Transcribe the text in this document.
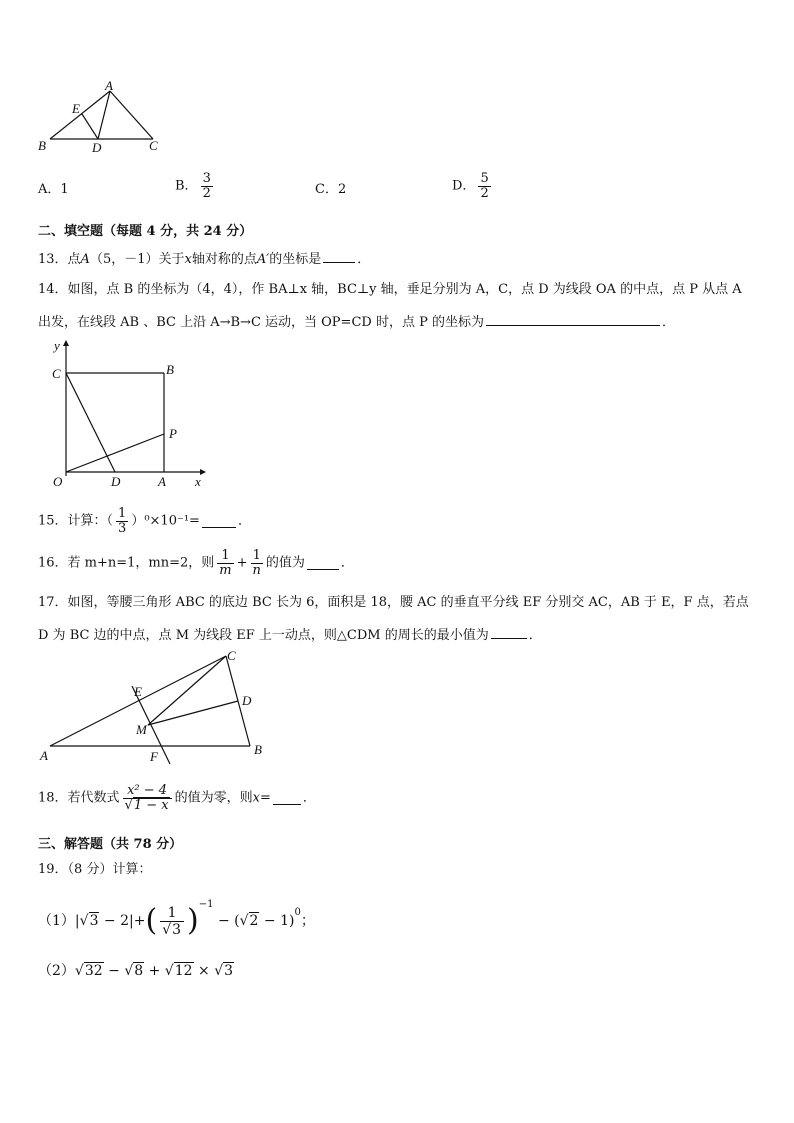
A
E
B	D	C
A．1	B． $\frac{3}{2}$	C．2	D． $\frac{5}{2}$
二、填空题（每题 4 分，共 24 分）
13．点A（5，－1）关于x轴对称的点A′的坐标是	．
14．如图，点 B 的坐标为（4，4），作 BA⊥x 轴，BC⊥y 轴，垂足分别为 A，C，点 D 为线段 OA 的中点，点 P 从点 A
出发，在线段 AB 、BC 上沿 A→B→C 运动，当 OP=CD 时，点 P 的坐标为	．
y
C	B
P
O	D	A x
15．计算：（ $\frac{1}{3} )^0\times 10^{-1}=$	．
16．若 m+n=1，mn=2，则 $\frac{1}{m} + \frac{1}{n}$ 的值为	．
17．如图，等腰三角形 ABC 的底边 BC 长为 6，面积是 18，腰 AC 的垂直平分线 EF 分别交 AC，AB 于 E，F 点，若点
D 为 BC 边的中点，点 M 为线段 EF 上一动点，则△CDM 的周长的最小值为	．
C
E
D
M
A	F	B
18．若代数式 $\frac{\text{x² − 4}}{√1 - x}$ 的值为零，则x= ．
三、解答题（共 78 分）
19．（8 分）计算：
$(1)|√3 - 2|+( \frac{1}{√3} )^{-1} - (√2 - 1)^0$；
（2）√32 − √8 + √12 × √3
